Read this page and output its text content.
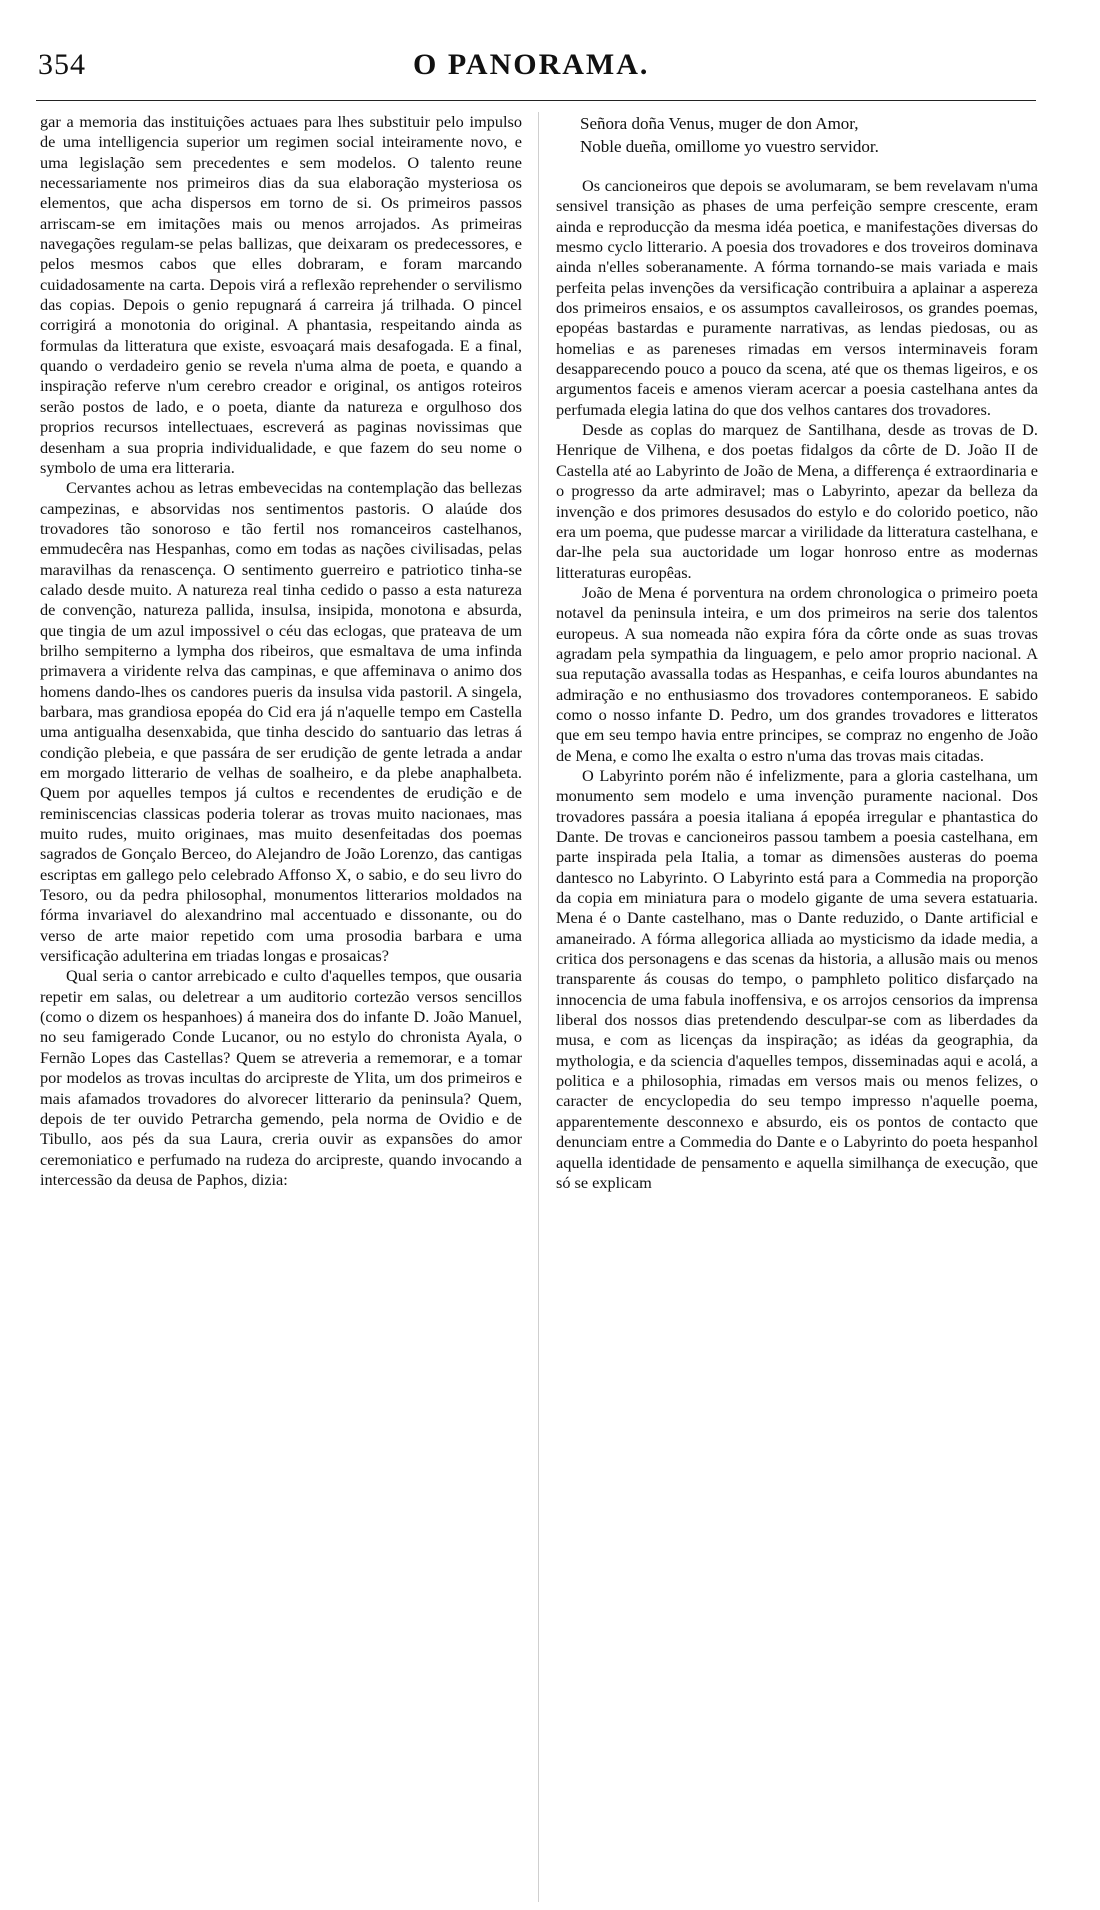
354	O PANORAMA.

gar a memoria das instituições actuaes para lhes substituir pelo impulso de uma intelligencia superior um regimen social inteiramente novo, e uma legislação sem precedentes e sem modelos. O talento reune necessariamente nos primeiros dias da sua elaboração mysteriosa os elementos, que acha dispersos em torno de si. Os primeiros passos arriscam-se em imitações mais ou menos arrojados. As primeiras navegações regulam-se pelas ballizas, que deixaram os predecessores, e pelos mesmos cabos que elles dobraram, e foram marcando cuidadosamente na carta. Depois virá a reflexão reprehender o servilismo das copias. Depois o genio repugnará á carreira já trilhada. O pincel corrigirá a monotonia do original. A phantasia, respeitando ainda as formulas da litteratura que existe, esvoaçará mais desafogada. E a final, quando o verdadeiro genio se revela n'uma alma de poeta, e quando a inspiração referve n'um cerebro creador e original, os antigos roteiros serão postos de lado, e o poeta, diante da natureza e orgulhoso dos proprios recursos intellectuaes, escreverá as paginas novissimas que desenham a sua propria individualidade, e que fazem do seu nome o symbolo de uma era litteraria.

Cervantes achou as letras embevecidas na contemplação das bellezas campezinas, e absorvidas nos sentimentos pastoris. O alaúde dos trovadores tão sonoroso e tão fertil nos romanceiros castelhanos, emmudecêra nas Hespanhas, como em todas as nações civilisadas, pelas maravilhas da renascença. O sentimento guerreiro e patriotico tinha-se calado desde muito. A natureza real tinha cedido o passo a esta natureza de convenção, natureza pallida, insulsa, insipida, monotona e absurda, que tingia de um azul impossivel o céu das eclogas, que prateava de um brilho sempiterno a lympha dos ribeiros, que esmaltava de uma infinda primavera a viridente relva das campinas, e que affeminava o animo dos homens dando-lhes os candores pueris da insulsa vida pastoril. A singela, barbara, mas grandiosa epopéa do Cid era já n'aquelle tempo em Castella uma antigualha desenxabida, que tinha descido do santuario das letras á condição plebeia, e que passára de ser erudição de gente letrada a andar em morgado litterario de velhas de soalheiro, e da plebe anaphalbeta. Quem por aquelles tempos já cultos e recendentes de erudição e de reminiscencias classicas poderia tolerar as trovas muito nacionaes, mas muito rudes, muito originaes, mas muito desenfeitadas dos poemas sagrados de Gonçalo Berceo, do Alejandro de João Lorenzo, das cantigas escriptas em gallego pelo celebrado Affonso X, o sabio, e do seu livro do Tesoro, ou da pedra philosophal, monumentos litterarios moldados na fórma invariavel do alexandrino mal accentuado e dissonante, ou do verso de arte maior repetido com uma prosodia barbara e uma versificação adulterina em triadas longas e prosaicas?

Qual seria o cantor arrebicado e culto d'aquelles tempos, que ousaria repetir em salas, ou deletrear a um auditorio cortezão versos sencillos (como o dizem os hespanhoes) á maneira dos do infante D. João Manuel, no seu famigerado Conde Lucanor, ou no estylo do chronista Ayala, o Fernão Lopes das Castellas? Quem se atreveria a rememorar, e a tomar por modelos as trovas incultas do arcipreste de Ylita, um dos primeiros e mais afamados trovadores do alvorecer litterario da peninsula? Quem, depois de ter ouvido Petrarcha gemendo, pela norma de Ovidio e de Tibullo, aos pés da sua Laura, creria ouvir as expansões do amor ceremoniatico e perfumado na rudeza do arcipreste, quando invocando a intercessão da deusa de Paphos, dizia:

Señora doña Venus, muger de don Amor,
Noble dueña, omillome yo vuestro servidor.

Os cancioneiros que depois se avolumaram, se bem revelavam n'uma sensivel transição as phases de uma perfeição sempre crescente, eram ainda e reproducção da mesma idéa poetica, e manifestações diversas do mesmo cyclo litterario. A poesia dos trovadores e dos troveiros dominava ainda n'elles soberanamente. A fórma tornando-se mais variada e mais perfeita pelas invenções da versificação contribuira a aplainar a aspereza dos primeiros ensaios, e os assumptos cavalleirosos, os grandes poemas, epopéas bastardas e puramente narrativas, as lendas piedosas, ou as homelias e as pareneses rimadas em versos interminaveis foram desapparecendo pouco a pouco da scena, até que os themas ligeiros, e os argumentos faceis e amenos vieram acercar a poesia castelhana antes da perfumada elegia latina do que dos velhos cantares dos trovadores.

Desde as coplas do marquez de Santilhana, desde as trovas de D. Henrique de Vilhena, e dos poetas fidalgos da côrte de D. João II de Castella até ao Labyrinto de João de Mena, a differença é extraordinaria e o progresso da arte admiravel; mas o Labyrinto, apezar da belleza da invenção e dos primores desusados do estylo e do colorido poetico, não era um poema, que pudesse marcar a virilidade da litteratura castelhana, e dar-lhe pela sua auctoridade um logar honroso entre as modernas litteraturas europêas.

João de Mena é porventura na ordem chronologica o primeiro poeta notavel da peninsula inteira, e um dos primeiros na serie dos talentos europeus. A sua nomeada não expira fóra da côrte onde as suas trovas agradam pela sympathia da linguagem, e pelo amor proprio nacional. A sua reputação avassalla todas as Hespanhas, e ceifa louros abundantes na admiração e no enthusiasmo dos trovadores contemporaneos. E sabido como o nosso infante D. Pedro, um dos grandes trovadores e litteratos que em seu tempo havia entre principes, se compraz no engenho de João de Mena, e como lhe exalta o estro n'uma das trovas mais citadas.

O Labyrinto porém não é infelizmente, para a gloria castelhana, um monumento sem modelo e uma invenção puramente nacional. Dos trovadores passára a poesia italiana á epopéa irregular e phantastica do Dante. De trovas e cancioneiros passou tambem a poesia castelhana, em parte inspirada pela Italia, a tomar as dimensões austeras do poema dantesco no Labyrinto. O Labyrinto está para a Commedia na proporção da copia em miniatura para o modelo gigante de uma severa estatuaria. Mena é o Dante castelhano, mas o Dante reduzido, o Dante artificial e amaneirado. A fórma allegorica alliada ao mysticismo da idade media, a critica dos personagens e das scenas da historia, a allusão mais ou menos transparente ás cousas do tempo, o pamphleto politico disfarçado na innocencia de uma fabula inoffensiva, e os arrojos censorios da imprensa liberal dos nossos dias pretendendo desculpar-se com as liberdades da musa, e com as licenças da inspiração; as idéas da geographia, da mythologia, e da sciencia d'aquelles tempos, disseminadas aqui e acolá, a politica e a philosophia, rimadas em versos mais ou menos felizes, o caracter de encyclopedia do seu tempo impresso n'aquelle poema, apparentemente desconnexo e absurdo, eis os pontos de contacto que denunciam entre a Commedia do Dante e o Labyrinto do poeta hespanhol aquella identidade de pensamento e aquella similhança de execução, que só se explicam
